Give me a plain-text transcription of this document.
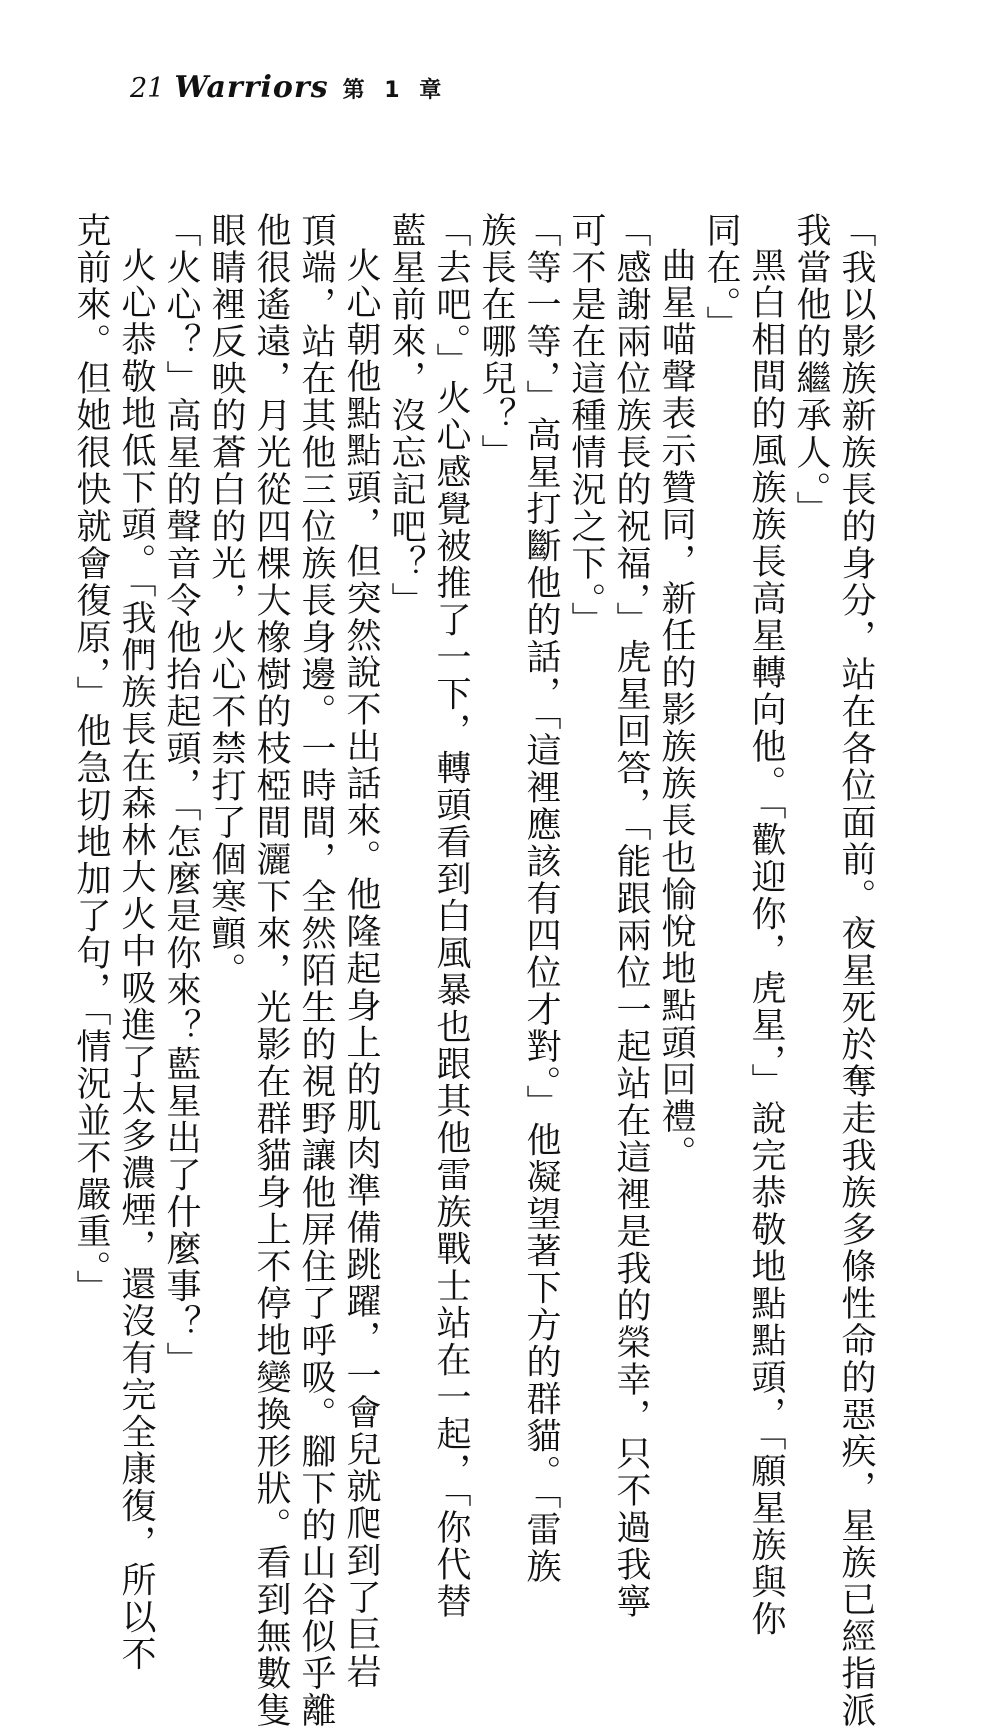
21 Warriors 第 1 章

「我以影族新族長的身分，站在各位面前。夜星死於奪走我族多條性命的惡疾，星族已經指派
我當他的繼承人。」

黑白相間的風族族長高星轉向他。「歡迎你，虎星，」說完恭敬地點點頭，「願星族與你
同在。」

曲星喵聲表示贊同，新任的影族族長也愉悅地點頭回禮。

「感謝兩位族長的祝福，」虎星回答，「能跟兩位一起站在這裡是我的榮幸，只不過我寧
可不是在這種情況之下。」

「等一等，」高星打斷他的話，「這裡應該有四位才對。」他凝望著下方的群貓。「雷族
族長在哪兒？」

「去吧。」火心感覺被推了一下，轉頭看到白風暴也跟其他雷族戰士站在一起，「你代替
藍星前來，沒忘記吧？」

火心朝他點點頭，但突然說不出話來。他隆起身上的肌肉準備跳躍，一會兒就爬到了巨岩
頂端，站在其他三位族長身邊。一時間，全然陌生的視野讓他屏住了呼吸。腳下的山谷似乎離
他很遙遠，月光從四棵大橡樹的枝椏間灑下來，光影在群貓身上不停地變換形狀。看到無數隻
眼睛裡反映的蒼白的光，火心不禁打了個寒顫。

「火心？」高星的聲音令他抬起頭，「怎麼是你來？藍星出了什麼事？」

火心恭敬地低下頭。「我們族長在森林大火中吸進了太多濃煙，還沒有完全康復，所以不
克前來。但她很快就會復原，」他急切地加了句，「情況並不嚴重。」
